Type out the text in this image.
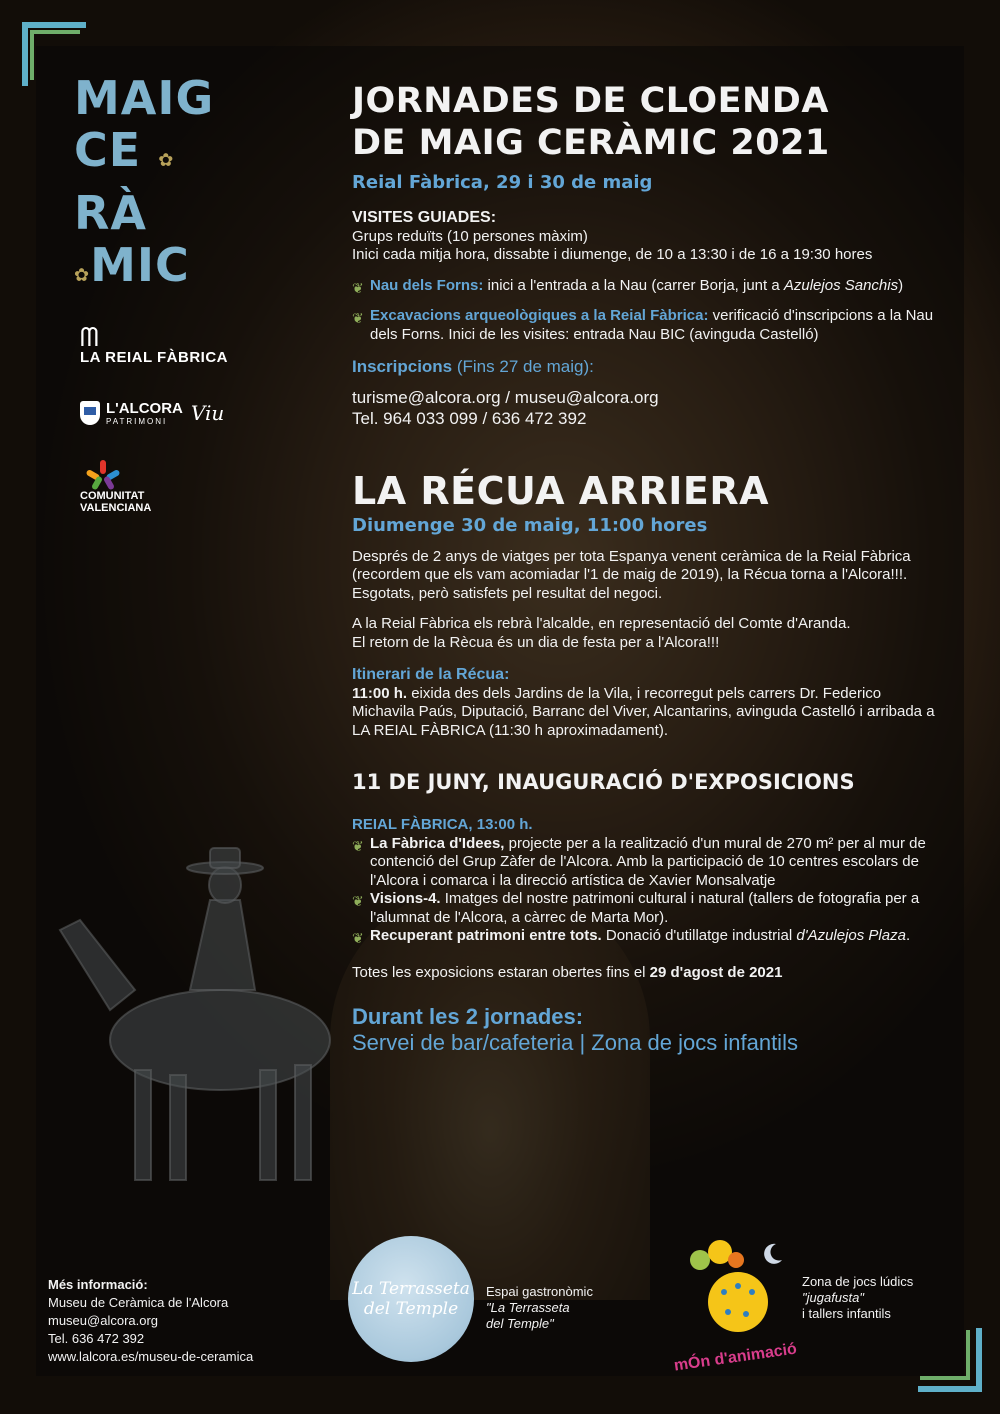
MAIG
CE ✿
RÀ
✿MIC
ᗰ
LA REIAL FÀBRICA
L'ALCORA
PATRIMONI	Viu
COMUNITAT
VALENCIANA
JORNADES DE CLOENDA
DE MAIG CERÀMIC 2021
Reial Fàbrica, 29 i 30 de maig
VISITES GUIADES:
Grups reduïts (10 persones màxim)
Inici cada mitja hora, dissabte i diumenge, de 10 a 13:30 i de 16 a 19:30 hores
❦ Nau dels Forns: inici a l'entrada a la Nau (carrer Borja, junt a Azulejos Sanchis)
❦ Excavacions arqueològiques a la Reial Fàbrica: verificació d'inscripcions a la Nau dels Forns. Inici de les visites: entrada Nau BIC (avinguda Castelló)
Inscripcions (Fins 27 de maig):
turisme@alcora.org / museu@alcora.org
Tel. 964 033 099 / 636 472 392
LA RÉCUA ARRIERA
Diumenge 30 de maig, 11:00 hores
Després de 2 anys de viatges per tota Espanya venent ceràmica de la Reial Fàbrica (recordem que els vam acomiadar l'1 de maig de 2019), la Récua torna a l'Alcora!!!. Esgotats, però satisfets pel resultat del negoci.
A la Reial Fàbrica els rebrà l'alcalde, en representació del Comte d'Aranda.
El retorn de la Rècua és un dia de festa per a l'Alcora!!!
Itinerari de la Récua:
11:00 h. eixida des dels Jardins de la Vila, i recorregut pels carrers Dr. Federico Michavila Paús, Diputació, Barranc del Viver, Alcantarins, avinguda Castelló i arribada a LA REIAL FÀBRICA (11:30 h aproximadament).
11 DE JUNY, INAUGURACIÓ D'EXPOSICIONS
REIAL FÀBRICA, 13:00 h.
❦ La Fàbrica d'Idees, projecte per a la realització d'un mural de 270 m² per al mur de contenció del Grup Zàfer de l'Alcora. Amb la participació de 10 centres escolars de l'Alcora i comarca i la direcció artística de Xavier Monsalvatje
❦ Visions-4. Imatges del nostre patrimoni cultural i natural (tallers de fotografia per a l'alumnat de l'Alcora, a càrrec de Marta Mor).
❦ Recuperant patrimoni entre tots. Donació d'utillatge industrial d'Azulejos Plaza.
Totes les exposicions estaran obertes fins el 29 d'agost de 2021
Durant les 2 jornades:
Servei de bar/cafeteria | Zona de jocs infantils
Més informació:
Museu de Ceràmica de l'Alcora
museu@alcora.org
Tel. 636 472 392
www.lalcora.es/museu-de-ceramica
La Terrasseta
del Temple
Espai gastronòmic
"La Terrasseta
del Temple"
mÓn d'animació
Zona de jocs lúdics
"jugafusta"
i tallers infantils
